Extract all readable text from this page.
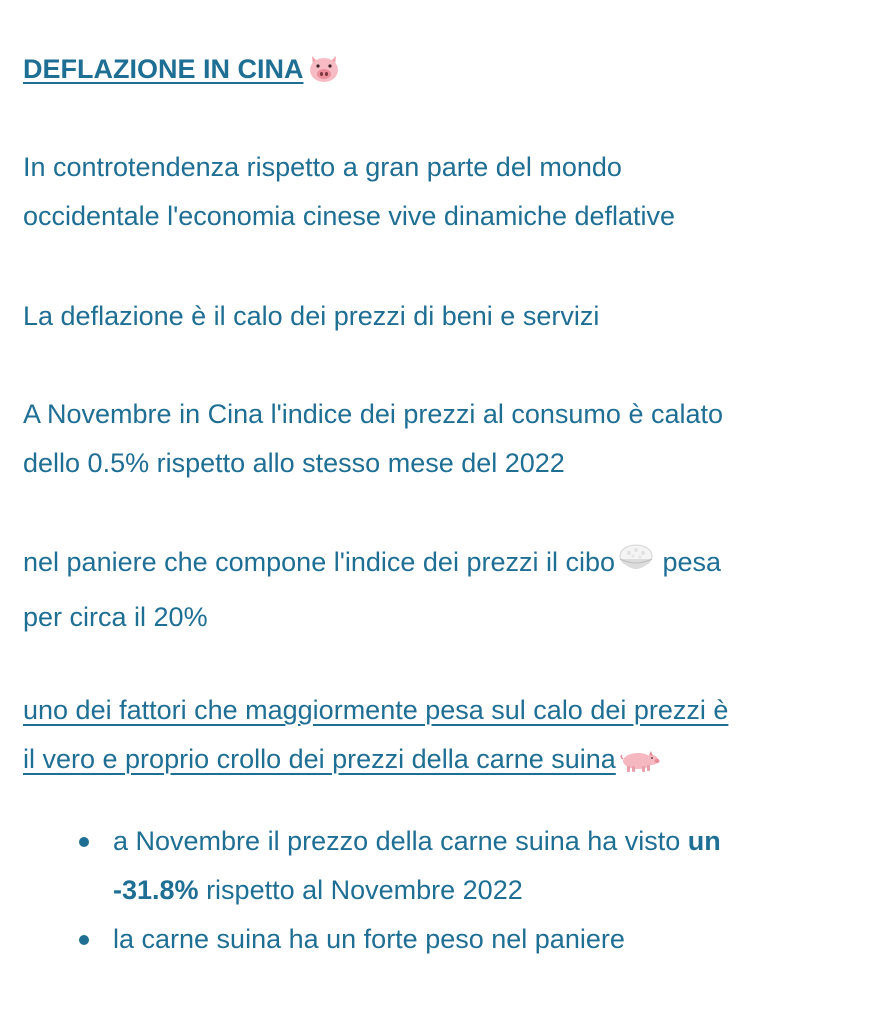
DEFLAZIONE IN CINA

In controtendenza rispetto a gran parte del mondo
occidentale l'economia cinese vive dinamiche deflative

La deflazione è il calo dei prezzi di beni e servizi

A Novembre in Cina l'indice dei prezzi al consumo è calato
dello 0.5% rispetto allo stesso mese del 2022

nel paniere che compone l'indice dei prezzi il cibo pesa
per circa il 20%

uno dei fattori che maggiormente pesa sul calo dei prezzi è
il vero e proprio crollo dei prezzi della carne suina

a Novembre il prezzo della carne suina ha visto un
-31.8% rispetto al Novembre 2022
la carne suina ha un forte peso nel paniere
